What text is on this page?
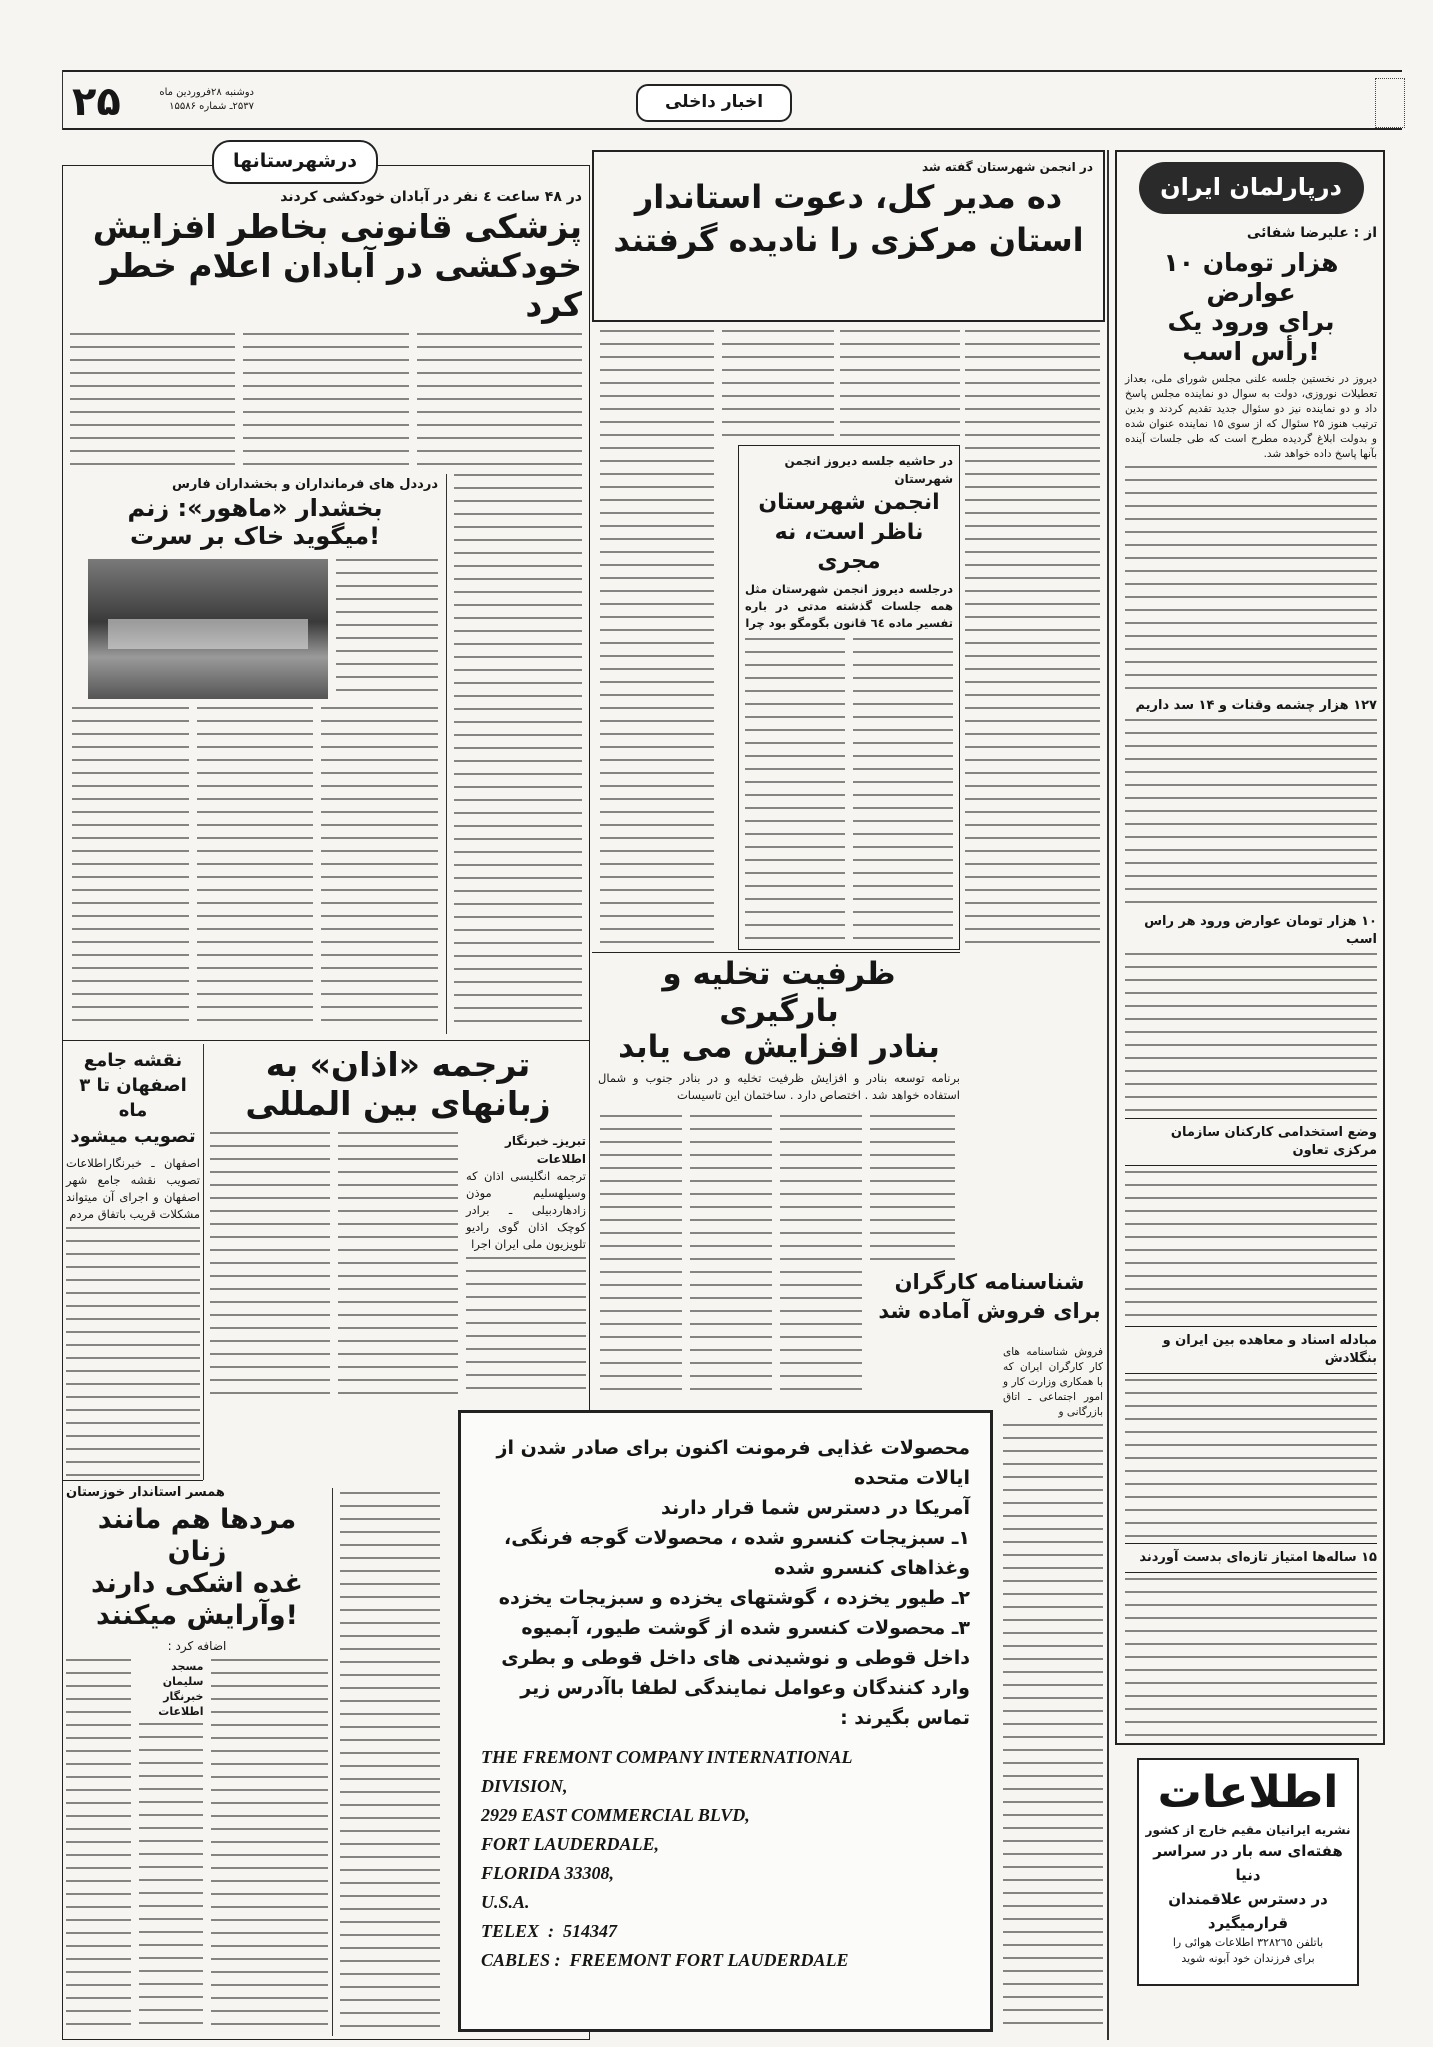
۲۵	دوشنبه ۲۸فروردین ماه
۲۵۳۷ـ شماره ۱۵۵۸۶	اخبار داخلی
درشهرستانها
در ۴۸ ساعت ٤ نفر در آبادان خودکشی کردند
پزشکی قانونی بخاطر افزایش
خودکشی در آبادان اعلام خطر کرد
درددل های فرمانداران و بخشداران فارس
بخشدار «ماهور»: زنم
میگوید خاک بر سرت!
ترجمه «اذان» به
زبانهای بین المللی
تبریزـ خبرنگار اطلاعات
ترجمه انگلیسی اذان که وسیلهسلیم موذن زادهاردبیلی ـ برادر کوچک اذان گوی رادیو تلویزیون ملی ایران اجرا
نقشه جامع
اصفهان تا ۳ ماه
تصویب میشود
اصفهان ـ خبرنگاراطلاعات تصویب نقشه جامع شهر اصفهان و اجرای آن میتواند مشکلات قریب باتفاق مردم
همسر استاندار خوزستان
مردها هم مانند زنان
غده اشکی دارند
وآرایش میکنند!
اضافه کرد :
مسجد سلیمان خبرنگار اطلاعات
در انجمن شهرستان گفته شد
ده مدیر کل، دعوت استاندار
استان مرکزی را نادیده گرفتند
در حاشیه جلسه دیروز انجمن شهرستان
انجمن شهرستان
ناظر است، نه مجری
درجلسه دیروز انجمن شهرستان مثل همه جلسات گذشته مدتی در باره تفسیر ماده ٦٤ قانون بگومگو بود چرا
ظرفیت تخلیه و بارگیری
بنادر افزایش می یابد
برنامه توسعه بنادر و افزایش ظرفیت تخلیه و در بنادر جنوب و شمال استفاده خواهد شد . اختصاص دارد . ساختمان این تاسیسات
شناسنامه کارگران
برای فروش آماده شد
فروش شناسنامه های کار کارگران ایران که با همکاری وزارت کار و امور اجتماعی ـ اتاق بازرگانی و
محصولات غذایی فرمونت اکنون برای صادر شدن از ایالات متحده
آمریکا در دسترس شما قرار دارند
۱ـ سبزیجات کنسرو شده ، محصولات گوجه فرنگی، وغذاهای کنسرو شده
۲ـ طیور یخزده ، گوشتهای یخزده و سبزیجات یخزده
۳ـ محصولات کنسرو شده از گوشت طیور، آبمیوه داخل قوطی و نوشیدنی های داخل قوطی و بطری
وارد کنندگان وعوامل نمایندگی لطفا باآدرس زیر تماس بگیرند :
THE FREMONT COMPANY INTERNATIONAL
DIVISION,
2929 EAST COMMERCIAL BLVD,
FORT LAUDERDALE,
FLORIDA 33308,
U.S.A.
TELEX  :  514347
CABLES :  FREEMONT FORT LAUDERDALE
درپارلمان ایران
از : علیرضا شفائی
۱۰ هزار تومان عوارض
برای ورود یک
رأس اسب!
دیروز در نخستین جلسه علنی مجلس شورای ملی، بعداز تعطیلات نوروزی، دولت به سوال دو نماینده مجلس پاسخ داد و دو نماینده نیز دو سئوال جدید تقدیم کردند و بدین ترتیب هنوز ۲۵ سئوال که از سوی ۱۵ نماینده عنوان شده و بدولت ابلاغ گردیده مطرح است که طی جلسات آینده بآنها پاسخ داده خواهد شد.
۱۲۷ هزار چشمه وقنات و ۱۴ سد داریم
۱۰ هزار تومان عوارض ورود هر راس اسب
وضع استخدامی کارکنان سازمان مرکزی تعاون
مبادله اسناد و معاهده بین ایران و بنگلادش
۱۵ ساله‌ها امتیاز تازه‌ای بدست آوردند
اطلاعات
نشریه ایرانیان مقیم خارج از کشور
هفته‌ای سه بار در سراسر دنیا
در دسترس علاقمندان
قرارمیگیرد
باتلفن ۳۲۸۲٦٥ اطلاعات هوائی را
برای فرزندان خود آبونه شوید
